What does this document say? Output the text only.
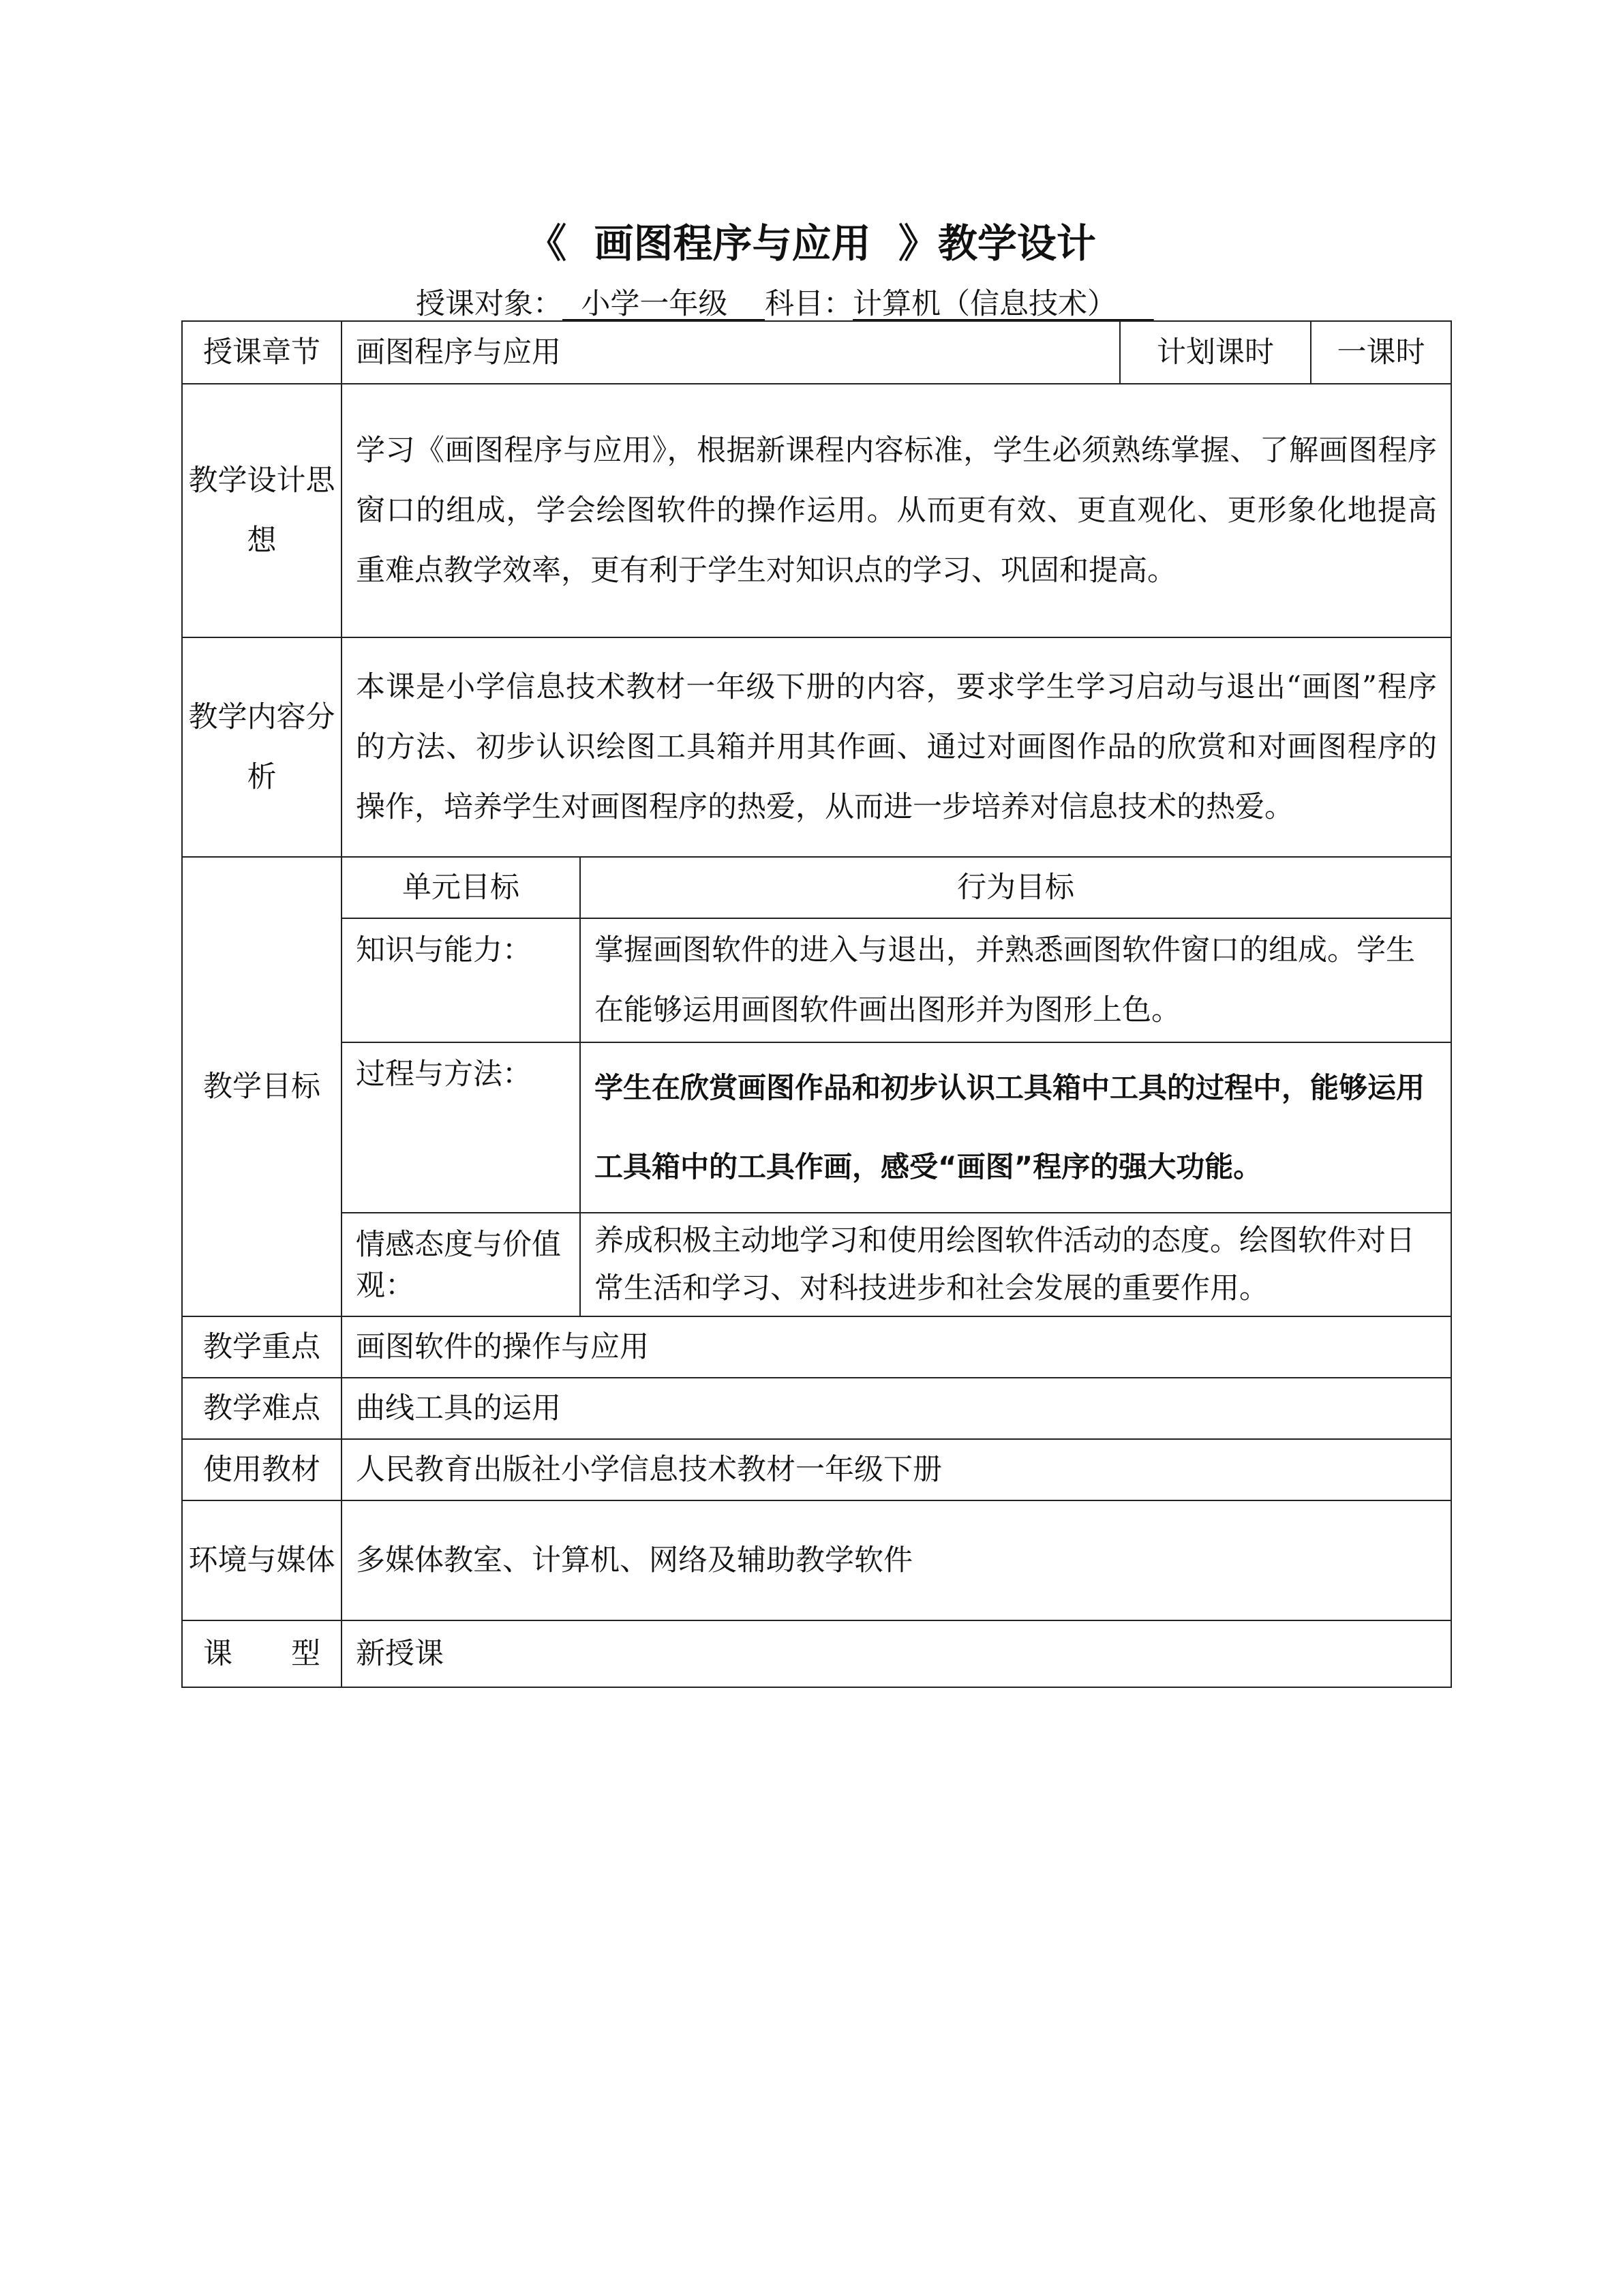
《  画图程序与应用  》教学设计
授课对象：  小学一年级    科目：计算机（信息技术）
授课章节	画图程序与应用		计划课时	一课时
教学设计思想	学习《画图程序与应用》，根据新课程内容标准，学生必须熟练掌握、了解画图程序窗口的组成，学会绘图软件的操作运用。从而更有效、更直观化、更形象化地提高重难点教学效率，更有利于学生对知识点的学习、巩固和提高。			
教学内容分析	本课是小学信息技术教材一年级下册的内容，要求学生学习启动与退出“画图”程序的方法、初步认识绘图工具箱并用其作画、通过对画图作品的欣赏和对画图程序的操作，培养学生对画图程序的热爱，从而进一步培养对信息技术的热爱。			
教学目标	单元目标	行为目标		
	知识与能力：	掌握画图软件的进入与退出，并熟悉画图软件窗口的组成。学生在能够运用画图软件画出图形并为图形上色。		
	过程与方法：	学生在欣赏画图作品和初步认识工具箱中工具的过程中，能够运用工具箱中的工具作画，感受“画图”程序的强大功能。		
	情感态度与价值观：	养成积极主动地学习和使用绘图软件活动的态度。绘图软件对日常生活和学习、对科技进步和社会发展的重要作用。		
教学重点	画图软件的操作与应用			
教学难点	曲线工具的运用			
使用教材	人民教育出版社小学信息技术教材一年级下册			
环境与媒体	多媒体教室、计算机、网络及辅助教学软件			

课 型	新授课			
